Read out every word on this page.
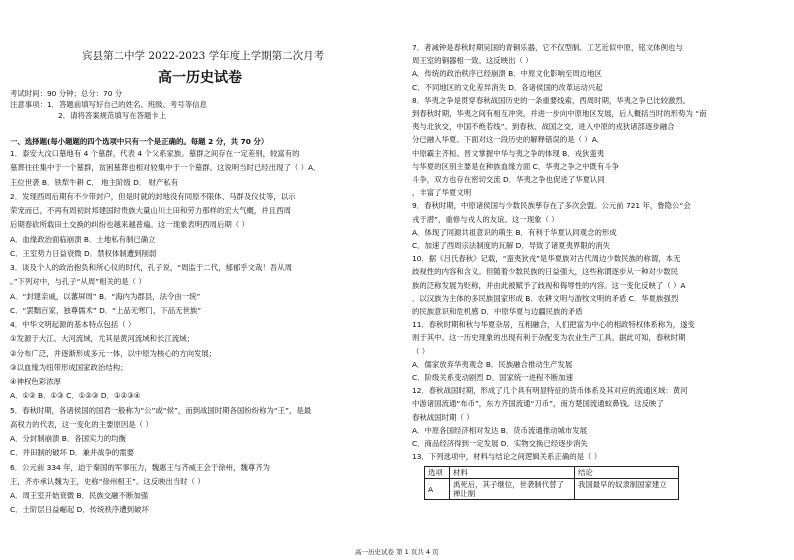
宾县第二中学 2022-2023 学年度上学期第二次月考
高一历史试卷
考试时间：90 分钟；总分：70 分
注意事项：1．答题前填写好自己的姓名、班级、考号等信息
2．请将答案规范填写在答题卡上
一、选择题(每小题题的四个选项中只有一个是正确的。每题 2 分，共 70 分）
选项	材料	结论
A	禹死后，其子继位，世袭制代替了禅让制	我国最早的奴隶制国家建立
高一历史试卷 第 1 页共 4 页
1．泰安大汶口墓地有 4 个墓群，代表 4 个父系家族。墓群之间存在一定差别，较富有的
墓葬往往集中于一个墓群，贫困墓葬也相对较集中于一个墓群。这说明当时已经出现了（ ）A．
王位世袭 B．铁犁牛耕 C． 地主阶级 D． 财产私有
2．发现西周后期有不少带封户，但是时就的封地没有同原不限体、马群及仪仗等，以示
荣宠而已，不再有周初封邦建国时贵族大量山川土田和劳力那样的宏大气概，并且西周
后期春砍所载田土交换的纠纷也越来越普遍。这一现象表明西周后期（ ）
A．血缘政治面临崩溃 B．土地私有制已确立
C．王室势力日益衰微 D．禁权体制遭到削弱
3．谈及个人的政治抱负和所心仪的时代，孔子说，“周监于二代，郁郁乎文哉！吾从周
。”下列对中，与孔子“从周”相关的是（ ）
A．“封建亲戚，以蕃屏周” B．“海内为郡县，法令由一统”
C．“罢黜百家，独尊儒术” D．“上品无寒门，下品无世族”
4．中华文明起源的基本特点包括（ ）
①发源于大江、大河流域，尤其是黄河流域和长江流域；
②分布广泛，并逐渐形成多元一体，以中原为核心的方向发展；
③以血缘为纽带形成国家政治结构；
④神权色彩浓厚
A．①② B．①③ C．①②③ D．①②③④
5．春秋时期，各诸侯国的国君一般称为“公”或“侯”，而到战国时期各国纷纷称为“王”，是最
高权力的代表，这一变化的主要原因是（ ）
A．分封制崩溃 B．各国实力的均衡
C．井田制的破坏 D．兼并战争的需要
6．公元前 334 年，迫于秦国的军事压力，魏惠王与齐威王会于徐州，魏尊齐为
王，齐亦承认魏为王，史称“徐州相王”。这反映出当时（ ）
A．周王室开始衰微 B．民族交融不断加强
C．士阶层日益崛起 D．传统秩序遭到破坏
7．者减钟是春秋时期吴国的青铜乐器，它不仅型制、工艺近似中原，铭文体例也与
周王室的铜器相一致。这反映出（ ）
A．传统的政治秩序已经崩溃 B．中原文化影响至周边地区
C．不同地区的文化差异消失 D．各诸侯国的改革运动兴起
8．华夷之争是贯穿春秋战国历史的一条重要线索，西周时期，华夷之争已比较激烈。
到春秋时期，华夷之间有相互冲突，并进一步向中原地区发展，后人概括当时的形势为 “南
夷与北狄交，中国不绝若线”。到春秋、战国之交，进入中原的戎狄诸部逐步融合
分已融入华夏。下面对这一段历史的解释错误的是（ ）A．
中原霸主齐桓、晋文掌握中华与夷之争的体现 B．戎狄蛮夷
与华夏的区别主要是在种族血缘方面 C．华夷之争之中既有斗争
斗争，双方也存在密切交流 D．华夷之争也促进了华夏认同
，丰富了华夏文明
9．春秋时期，中原诸侯国与少数民族孳存在了多次会盟。公元前 721 年，鲁隐公“会
戎于潜”，重修与戎人的友谊。这一现象（ ）
A．体现了同源共祖意识的萌生 B．有利于华夏认同观念的形成
C．加速了西周宗法制度的瓦解 D．导致了诸夏夷界限的消失
10．据《吕氏春秋》记载，“蛮夷狄戎”是华夏族对古代周边少数民族的称谓，本无
歧视性的内容和含义。但随着少数民族的日益强大，这些称谓逐步从一种对少数民
族的泛称发展为贬称，并由此被赋予了歧视和侮辱性的内容。这一变化反映了（ ）A
．以汉族为主体的多民族国家形成 B．农耕文明与游牧文明的矛盾 C．华夏族强烈
的民族意识和危机感 D．中原华夏与边疆民族的矛盾
11．春秋时期和秋与华夏杂居，互相融合，人们把富为中心的相政特权体系称为，遂变
则于其中。这一历史现象的出现有利于杂配变为农业生产工具。据此可知，春秋时期
（ ）
A．儒家放弃华夷观念 B．民族融合推动生产发展
C．阶级关系变动剧烈 D．国家统一进程不断加速
12．春秋战国时期，形成了几个具有明显特征的货币体系及其对应的流通区域：黄河
中游诸国流通“布币”，东方齐国流通“刀币”，南方楚国流通蚁鼻钱。这反映了
春秋战国时期（ ）
A．中原各国经济相对发达 B．货币流通推动城市发展
C．商品经济得到一定发展 D．实物交换已经逐步消失
13．下列选项中，材料与结论之间逻辑关系正确的是（ ）
